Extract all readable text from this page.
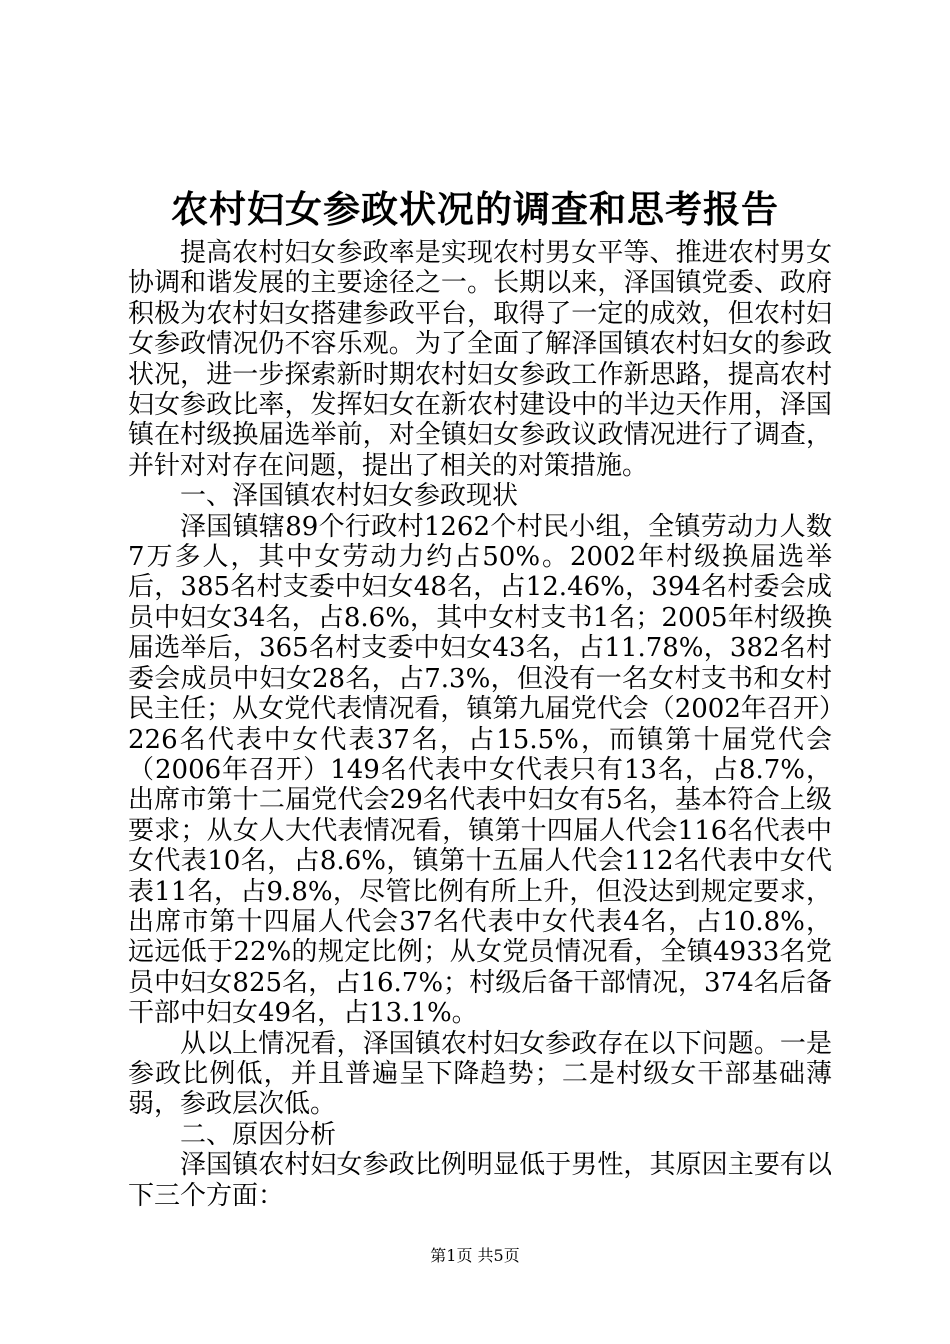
农村妇女参政状况的调查和思考报告

提高农村妇女参政率是实现农村男女平等、推进农村男女协调和谐发展的主要途径之一。长期以来，泽国镇党委、政府积极为农村妇女搭建参政平台，取得了一定的成效，但农村妇女参政情况仍不容乐观。为了全面了解泽国镇农村妇女的参政状况，进一步探索新时期农村妇女参政工作新思路，提高农村妇女参政比率，发挥妇女在新农村建设中的半边天作用，泽国镇在村级换届选举前，对全镇妇女参政议政情况进行了调查，并针对对存在问题，提出了相关的对策措施。

一、泽国镇农村妇女参政现状

泽国镇辖89个行政村1262个村民小组，全镇劳动力人数7万多人，其中女劳动力约占50%。2002年村级换届选举后，385名村支委中妇女48名，占12.46%，394名村委会成员中妇女34名，占8.6%，其中女村支书1名；2005年村级换届选举后，365名村支委中妇女43名，占11.78%，382名村委会成员中妇女28名，占7.3%，但没有一名女村支书和女村民主任；从女党代表情况看，镇第九届党代会（2002年召开）226名代表中女代表37名，占15.5%，而镇第十届党代会（2006年召开）149名代表中女代表只有13名，占8.7%，出席市第十二届党代会29名代表中妇女有5名，基本符合上级要求；从女人大代表情况看，镇第十四届人代会116名代表中女代表10名，占8.6%，镇第十五届人代会112名代表中女代表11名，占9.8%，尽管比例有所上升，但没达到规定要求，出席市第十四届人代会37名代表中女代表4名，占10.8%，远远低于22%的规定比例；从女党员情况看，全镇4933名党员中妇女825名，占16.7%；村级后备干部情况，374名后备干部中妇女49名，占13.1%。

从以上情况看，泽国镇农村妇女参政存在以下问题。一是参政比例低，并且普遍呈下降趋势；二是村级女干部基础薄弱，参政层次低。

二、原因分析

泽国镇农村妇女参政比例明显低于男性，其原因主要有以下三个方面：

第1页 共5页
